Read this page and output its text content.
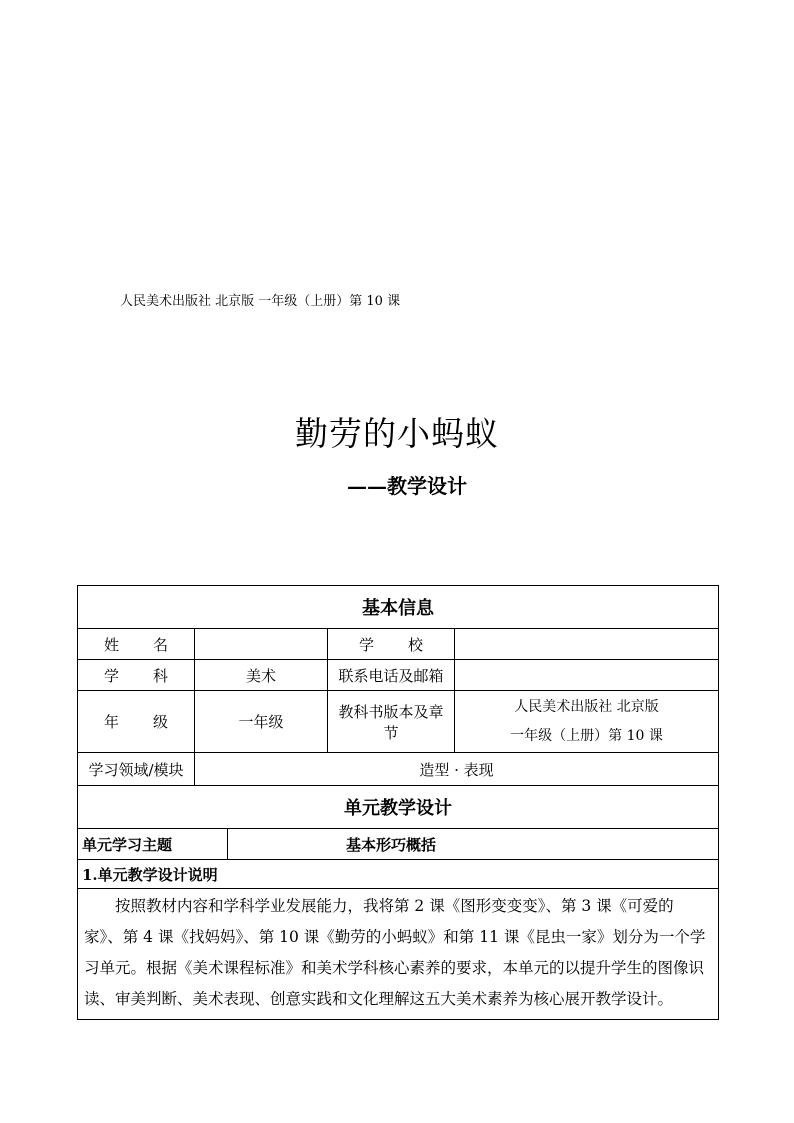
人民美术出版社 北京版 一年级（上册）第 10 课
勤劳的小蚂蚁
——教学设计
基本信息				
姓 名			学 校	
学 科	美术		联系电话及邮箱	
年 级	一年级		教科书版本及章节	人民美术出版社 北京版
一年级（上册）第 10 课

学习领域/模块	造型 · 表现			
单元教学设计				
单元学习主题		基本形巧概括		
1.单元教学设计说明				
按照教材内容和学科学业发展能力，我将第 2 课《图形变变变》、第 3 课《可爱的家》、第 4 课《找妈妈》、第 10 课《勤劳的小蚂蚁》和第 11 课《昆虫一家》划分为一个学习单元。根据《美术课程标准》和美术学科核心素养的要求，本单元的以提升学生的图像识读、审美判断、美术表现、创意实践和文化理解这五大美术素养为核心展开教学设计。				
